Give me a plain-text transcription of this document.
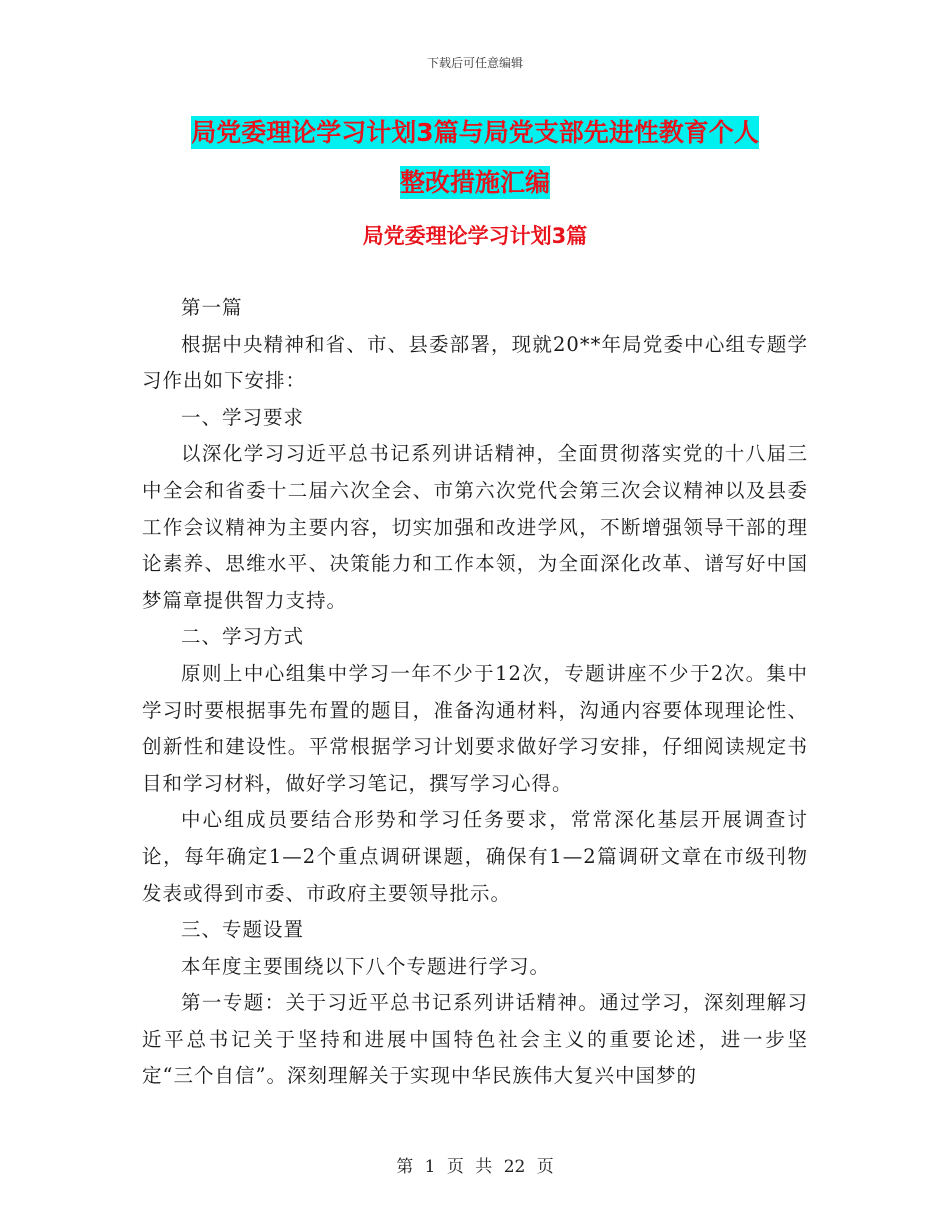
下载后可任意编辑
局党委理论学习计划3篇与局党支部先进性教育个人
整改措施汇编
局党委理论学习计划3篇

第一篇

根据中央精神和省、市、县委部署，现就20**年局党委中心组专题学习作出如下安排：

一、学习要求

以深化学习习近平总书记系列讲话精神，全面贯彻落实党的十八届三中全会和省委十二届六次全会、市第六次党代会第三次会议精神以及县委工作会议精神为主要内容，切实加强和改进学风，不断增强领导干部的理论素养、思维水平、决策能力和工作本领，为全面深化改革、谱写好中国梦篇章提供智力支持。

二、学习方式

原则上中心组集中学习一年不少于12次，专题讲座不少于2次。集中学习时要根据事先布置的题目，准备沟通材料，沟通内容要体现理论性、创新性和建设性。平常根据学习计划要求做好学习安排，仔细阅读规定书目和学习材料，做好学习笔记，撰写学习心得。

中心组成员要结合形势和学习任务要求，常常深化基层开展调查讨论，每年确定1—2个重点调研课题，确保有1—2篇调研文章在市级刊物发表或得到市委、市政府主要领导批示。

三、专题设置

本年度主要围绕以下八个专题进行学习。

第一专题：关于习近平总书记系列讲话精神。通过学习，深刻理解习近平总书记关于坚持和进展中国特色社会主义的重要论述，进一步坚定“三个自信”。深刻理解关于实现中华民族伟大复兴中国梦的

第 1 页 共 22 页
